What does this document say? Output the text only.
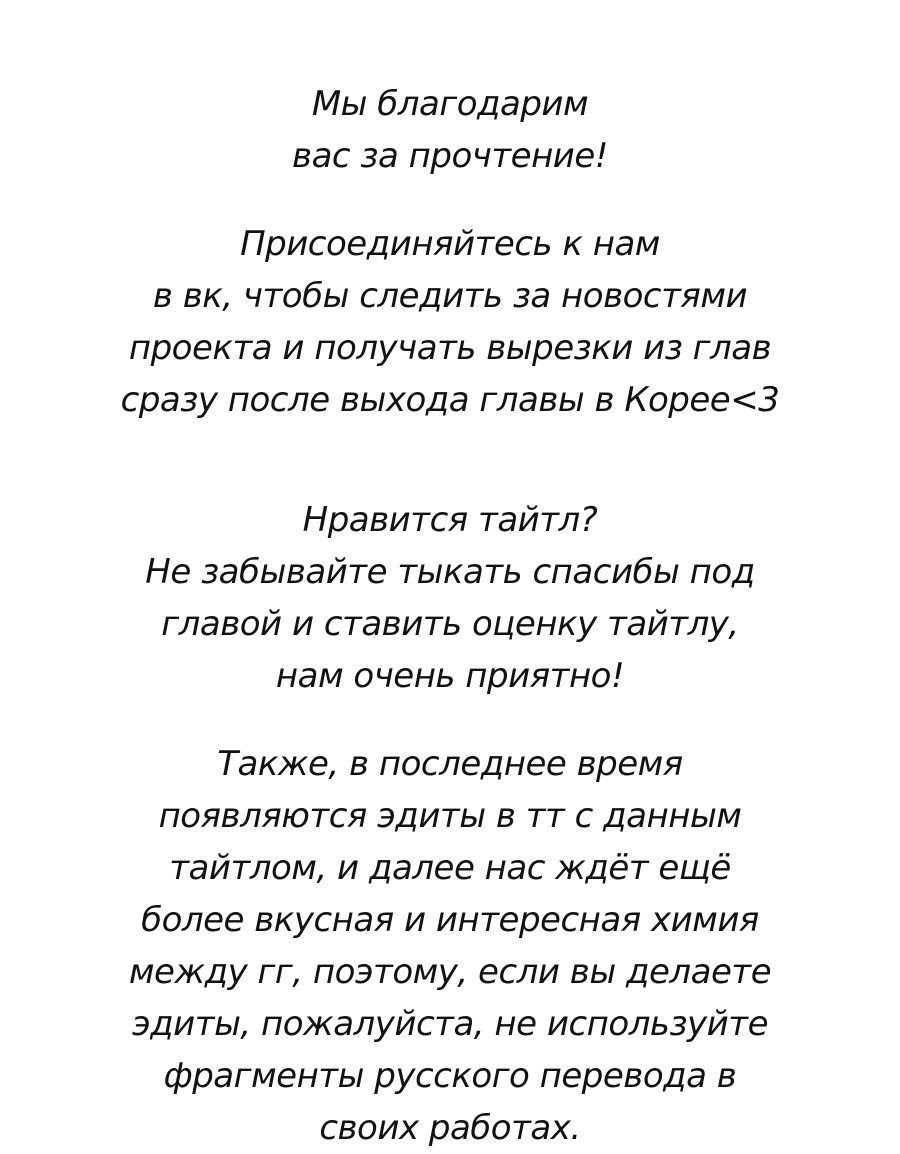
Мы благодарим
вас за прочтение!
Присоединяйтесь к нам
в вк, чтобы следить за новостями
проекта и получать вырезки из глав
сразу после выхода главы в Корее<3
Нравится тайтл?
Не забывайте тыкать спасибы под
главой и ставить оценку тайтлу,
нам очень приятно!
Также, в последнее время
появляются эдиты в тт с данным
тайтлом, и далее нас ждёт ещё
более вкусная и интересная химия
между гг, поэтому, если вы делаете
эдиты, пожалуйста, не используйте
фрагменты русского перевода в
своих работах.
